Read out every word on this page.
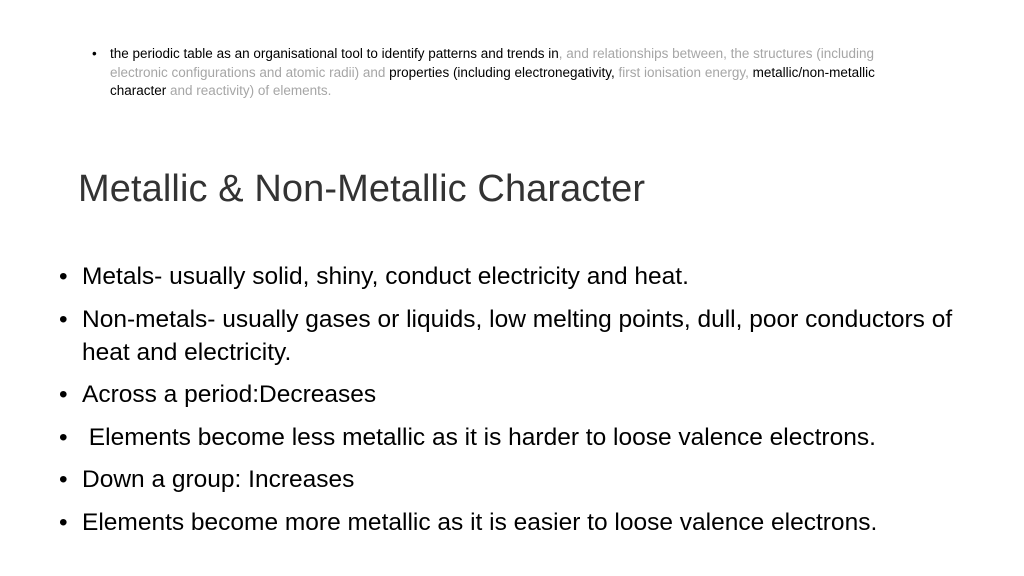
• the periodic table as an organisational tool to identify patterns and trends in, and relationships between, the structures (including electronic configurations and atomic radii) and properties (including electronegativity, first ionisation energy, metallic/non-metallic character and reactivity) of elements.
Metallic & Non-Metallic Character
• Metals- usually solid, shiny, conduct electricity and heat.
• Non-metals- usually gases or liquids, low melting points, dull, poor conductors of heat and electricity.
• Across a period:Decreases
• Elements become less metallic as it is harder to loose valence electrons.
• Down a group: Increases
• Elements become more metallic as it is easier to loose valence electrons.
